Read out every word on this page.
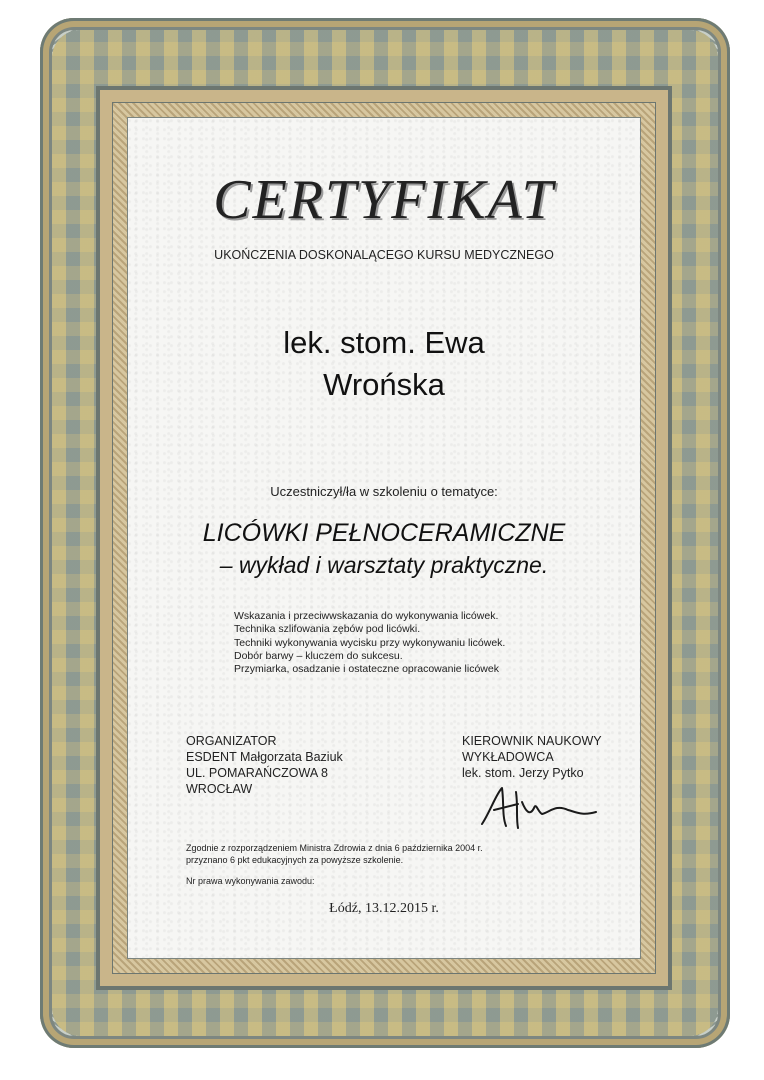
CERTYFIKAT
UKOŃCZENIA DOSKONALĄCEGO KURSU MEDYCZNEGO
lek. stom. Ewa
Wrońska
Uczestniczył/ła w szkoleniu o tematyce:
LICÓWKI PEŁNOCERAMICZNE
– wykład i warsztaty praktyczne.
Wskazania i przeciwwskazania do wykonywania licówek.
Technika szlifowania zębów pod licówki.
Techniki wykonywania wycisku przy wykonywaniu licówek.
Dobór barwy – kluczem do sukcesu.
Przymiarka, osadzanie i ostateczne opracowanie licówek
ORGANIZATOR
ESDENT Małgorzata Baziuk
UL. POMARAŃCZOWA 8
WROCŁAW
KIEROWNIK NAUKOWY
WYKŁADOWCA
lek. stom. Jerzy Pytko
Zgodnie z rozporządzeniem Ministra Zdrowia z dnia 6 października 2004 r.
przyznano 6 pkt edukacyjnych za powyższe szkolenie.
Nr prawa wykonywania zawodu:
Łódź, 13.12.2015 r.
